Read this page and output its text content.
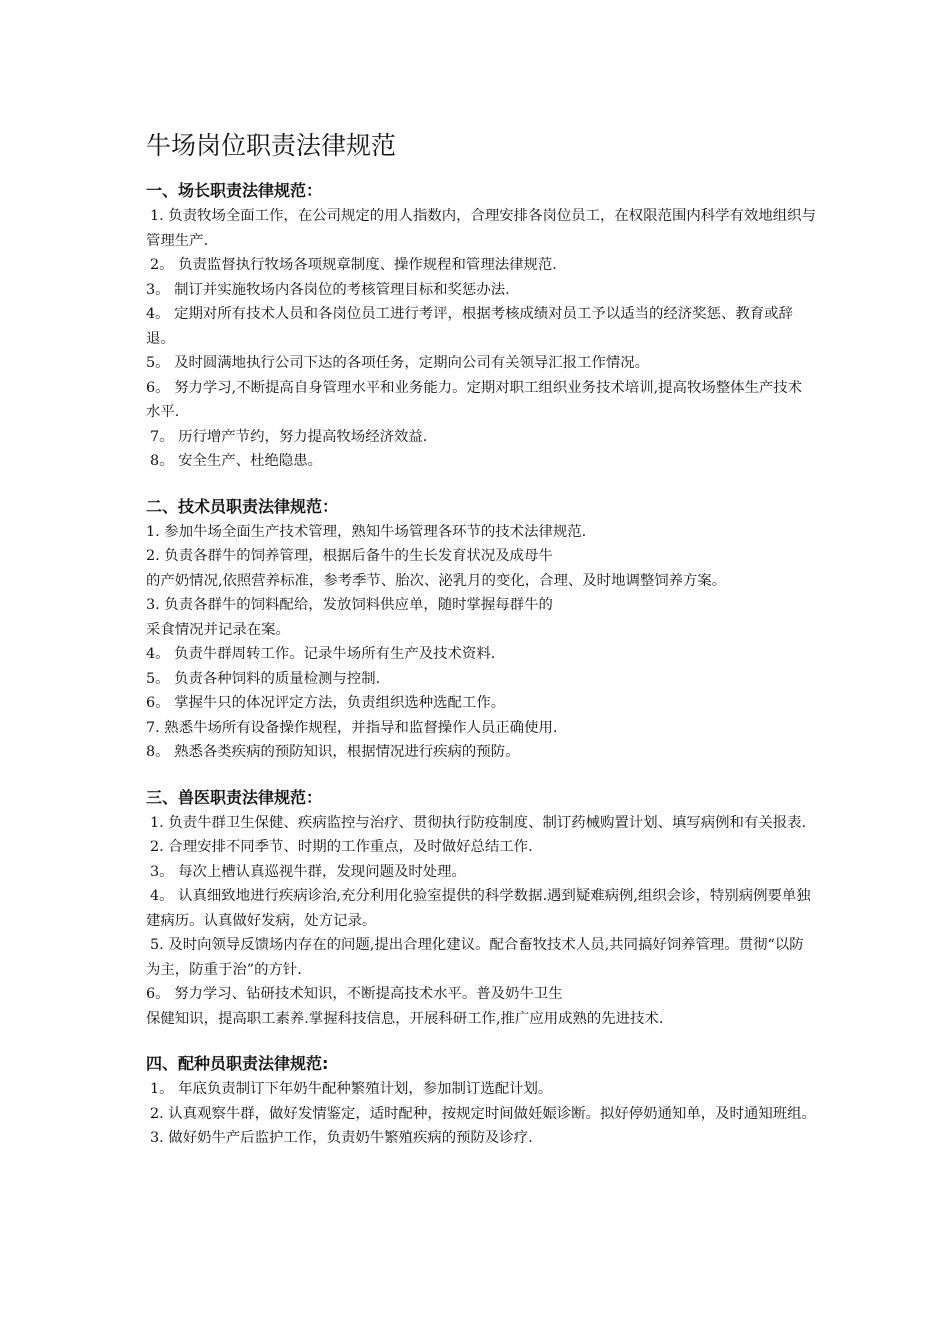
牛场岗位职责法律规范
一、场长职责法律规范：

1. 负责牧场全面工作，在公司规定的用人指数内，合理安排各岗位员工，在权限范围内科学有效地组织与管理生产.

2。 负责监督执行牧场各项规章制度、操作规程和管理法律规范.

3。 制订并实施牧场内各岗位的考核管理目标和奖惩办法.

4。 定期对所有技术人员和各岗位员工进行考评，根据考核成绩对员工予以适当的经济奖惩、教育或辞退。

5。 及时圆满地执行公司下达的各项任务，定期向公司有关领导汇报工作情况。

6。 努力学习,不断提高自身管理水平和业务能力。定期对职工组织业务技术培训,提高牧场整体生产技术水平.

7。 历行增产节约，努力提高牧场经济效益.

8。 安全生产、杜绝隐患。

二、技术员职责法律规范：

1. 参加牛场全面生产技术管理，熟知牛场管理各环节的技术法律规范.

2. 负责各群牛的饲养管理，根据后备牛的生长发育状况及成母牛
的产奶情况,依照营养标准，参考季节、胎次、泌乳月的变化，合理、及时地调整饲养方案。

3. 负责各群牛的饲料配给，发放饲料供应单，随时掌握每群牛的
采食情况并记录在案。

4。 负责牛群周转工作。记录牛场所有生产及技术资料.

5。 负责各种饲料的质量检测与控制.

6。 掌握牛只的体况评定方法，负责组织选种选配工作。

7. 熟悉牛场所有设备操作规程，并指导和监督操作人员正确使用.

8。 熟悉各类疾病的预防知识，根据情况进行疾病的预防。

三、兽医职责法律规范：

1. 负责牛群卫生保健、疾病监控与治疗、贯彻执行防疫制度、制订药械购置计划、填写病例和有关报表.

2. 合理安排不同季节、时期的工作重点，及时做好总结工作.

3。 每次上槽认真巡视牛群，发现问题及时处理。

4。 认真细致地进行疾病诊治,充分利用化验室提供的科学数据.遇到疑难病例,组织会诊，特别病例要单独建病历。认真做好发病，处方记录。

5. 及时向领导反馈场内存在的问题,提出合理化建议。配合畜牧技术人员,共同搞好饲养管理。贯彻“以防为主，防重于治”的方针.

6。 努力学习、钻研技术知识，不断提高技术水平。普及奶牛卫生
保健知识，提高职工素养.掌握科技信息，开展科研工作,推广应用成熟的先进技术.

四、配种员职责法律规范:

1。 年底负责制订下年奶牛配种繁殖计划，参加制订选配计划。

2. 认真观察牛群，做好发情鉴定，适时配种，按规定时间做妊娠诊断。拟好停奶通知单，及时通知班组。

3. 做好奶牛产后监护工作，负责奶牛繁殖疾病的预防及诊疗.
